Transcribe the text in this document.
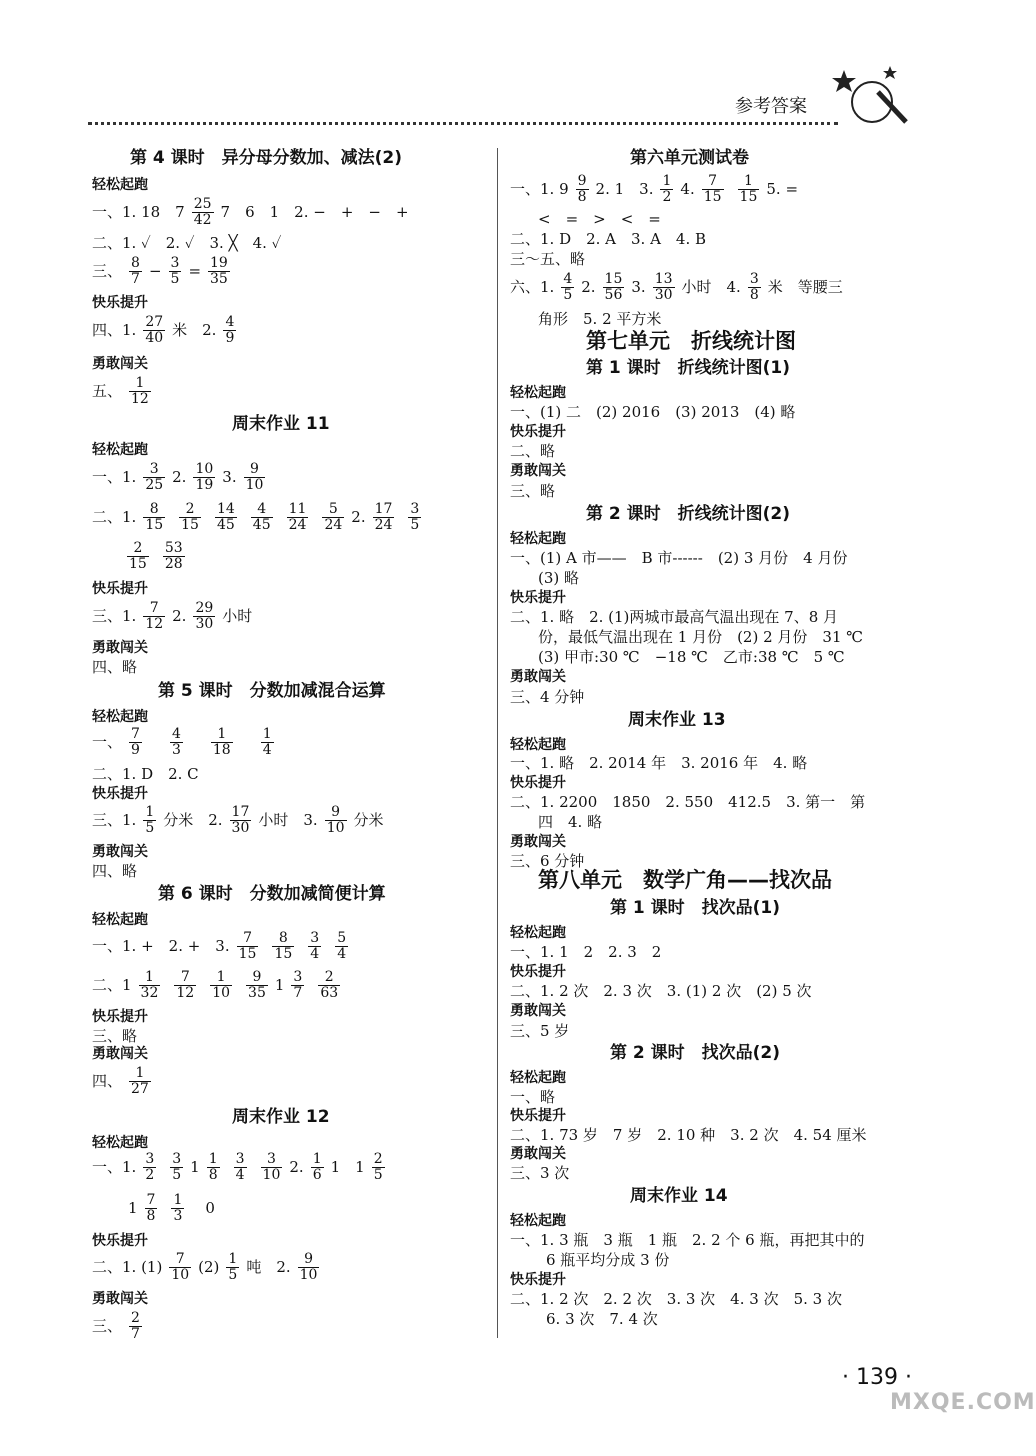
参考答案
第 4 课时　异分母分数加、减法(2)
轻松起跑
一、1. 18　7 25
42 7　6　1　2. −　+　−　+
二、1. ✓　2. ✓　3. ╳　4. ✓
三、 8
$7 - \frac{3}{5} = \frac{19}{35}$
快乐提升
四、1. 27
40 米　2. 4
9
勇敢闯关
五、 1
12
周末作业 11
轻松起跑
一、1. 3
25 2. 10
19 3. 9
10
二、1. 8
15
2
15
14
45
4
45
11
24
5
24 2. 17
24
3
5
2
15
53
28
快乐提升
三、1. 7
12 2. 29
30 小时
勇敢闯关
四、略
第 5 课时　分数加减混合运算
轻松起跑
一、 7
9
4
3
1
18
1
4
二、1. D　2. C
快乐提升
三、1. 1
5 分米　2. 17
30 小时　3. 9
10 分米
勇敢闯关
四、略
第 6 课时　分数加减简便计算
轻松起跑
一、1. +　2. +　3. 7
15
8
15
3
4
5
4
二、1 1
32
7
12
1
10
9
35 1 3
7
2
63
快乐提升
三、略
勇敢闯关
四、 1
27
周末作业 12
轻松起跑
一、1. 3
2
3
5 1 1
8
3
4
3
10 2. 1
6 1　1 2
5
1 7
8
1
3 0
快乐提升
二、1. (1) 7
10 (2) 1
5 吨　2. 9
10
勇敢闯关
三、 2
7
第六单元测试卷
一、1. 9 9
8 2. 1　3. 1
2 4. 7
15
1
15 5. =
<　=　>　<　=
二、1. D　2. A　3. A　4. B
三～五、略
六、1. 4
5 2. 15
56 3. 13
30 小时　4. 3
8 米　等腰三
角形　5. 2 平方米
第七单元　折线统计图
第 1 课时　折线统计图(1)
轻松起跑
一、(1) 二　(2) 2016　(3) 2013　(4) 略
快乐提升
二、略
勇敢闯关
三、略
第 2 课时　折线统计图(2)
轻松起跑
一、(1) A 市——　B 市------　(2) 3 月份　4 月份
(3) 略
快乐提升
二、1. 略　2. (1)两城市最高气温出现在 7、8 月
份，最低气温出现在 1 月份　(2) 2 月份　31 ℃
(3) 甲市:30 ℃　−18 ℃　乙市:38 ℃　5 ℃
勇敢闯关
三、4 分钟
周末作业 13
轻松起跑
一、1. 略　2. 2014 年　3. 2016 年　4. 略
快乐提升
二、1. 2200　1850　2. 550　412.5　3. 第一　第
四　4. 略
勇敢闯关
三、6 分钟
第八单元　数学广角——找次品
第 1 课时　找次品(1)
轻松起跑
一、1. 1　2　2. 3　2
快乐提升
二、1. 2 次　2. 3 次　3. (1) 2 次　(2) 5 次
勇敢闯关
三、5 岁
第 2 课时　找次品(2)
轻松起跑
一、略
快乐提升
二、1. 73 岁　7 岁　2. 10 种　3. 2 次　4. 54 厘米
勇敢闯关
三、3 次
周末作业 14
轻松起跑
一、1. 3 瓶　3 瓶　1 瓶　2. 2 个 6 瓶，再把其中的
6 瓶平均分成 3 份
快乐提升
二、1. 2 次　2. 2 次　3. 3 次　4. 3 次　5. 3 次
6. 3 次　7. 4 次
· 139 ·
MXQE.COM
